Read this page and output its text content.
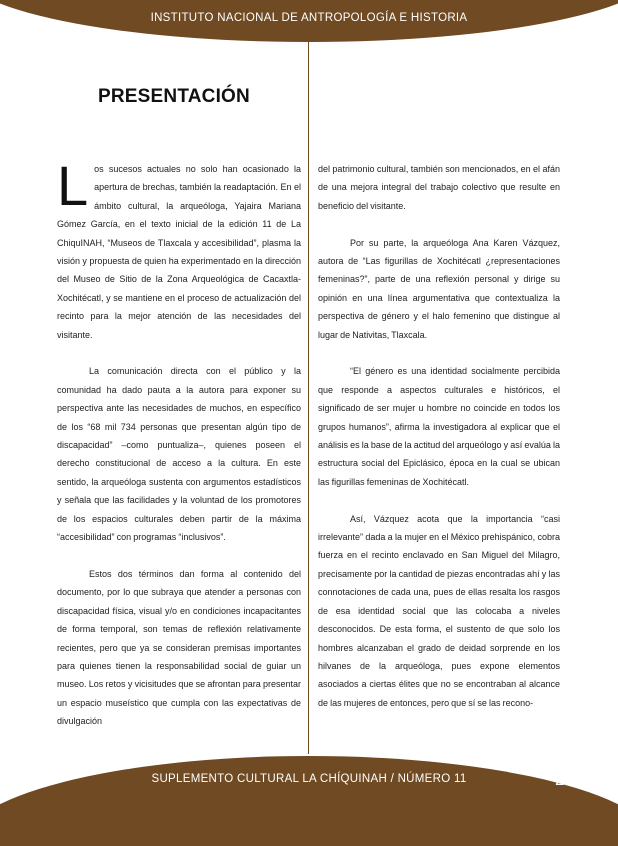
INSTITUTO NACIONAL DE ANTROPOLOGÍA E HISTORIA
PRESENTACIÓN

Los sucesos actuales no solo han ocasionado la apertura de brechas, también la readaptación. En el ámbito cultural, la arqueóloga, Yajaira Mariana Gómez García, en el texto inicial de la edición 11 de La ChiquINAH, “Museos de Tlaxcala y accesibilidad”, plasma la visión y propuesta de quien ha experimentado en la dirección del Museo de Sitio de la Zona Arqueológica de Cacaxtla-Xochitécatl, y se mantiene en el proceso de actualización del recinto para la mejor atención de las necesidades del visitante.

La comunicación directa con el público y la comunidad ha dado pauta a la autora para exponer su perspectiva ante las necesidades de muchos, en específico de los “68 mil 734 personas que presentan algún tipo de discapacidad” –como puntualiza–, quienes poseen el derecho constitucional de acceso a la cultura. En este sentido, la arqueóloga sustenta con argumentos estadísticos y señala que las facilidades y la voluntad de los promotores de los espacios culturales deben partir de la máxima “accesibilidad” con programas “inclusivos”.

Estos dos términos dan forma al contenido del documento, por lo que subraya que atender a personas con discapacidad física, visual y/o en condiciones incapacitantes de forma temporal, son temas de reflexión relativamente recientes, pero que ya se consideran premisas importantes para quienes tienen la responsabilidad social de guiar un museo. Los retos y vicisitudes que se afrontan para presentar un espacio museístico que cumpla con las expectativas de divulgación

del patrimonio cultural, también son mencionados, en el afán de una mejora integral del trabajo colectivo que resulte en beneficio del visitante.

Por su parte, la arqueóloga Ana Karen Vázquez, autora de “Las figurillas de Xochitécatl ¿representaciones femeninas?”, parte de una reflexión personal y dirige su opinión en una línea argumentativa que contextualiza la perspectiva de género y el halo femenino que distingue al lugar de Nativitas, Tlaxcala.

“El género es una identidad socialmente percibida que responde a aspectos culturales e históricos, el significado de ser mujer u hombre no coincide en todos los grupos humanos”, afirma la investigadora al explicar que el análisis es la base de la actitud del arqueólogo y así evalúa la estructura social del Epiclásico, época en la cual se ubican las figurillas femeninas de Xochitécatl.

Así, Vázquez acota que la importancia “casi irrelevante” dada a la mujer en el México prehispánico, cobra fuerza en el recinto enclavado en San Miguel del Milagro, precisamente por la cantidad de piezas encontradas ahí y las connotaciones de cada una, pues de ellas resalta los rasgos de esa identidad social que las colocaba a niveles desconocidos. De esta forma, el sustento de que solo los hombres alcanzaban el grado de deidad sorprende en los hilvanes de la arqueóloga, pues expone elementos asociados a ciertas élites que no se encontraban al alcance de las mujeres de entonces, pero que sí se las recono-

SUPLEMENTO CULTURAL LA CHÍQUINAH / NÚMERO 11	2
